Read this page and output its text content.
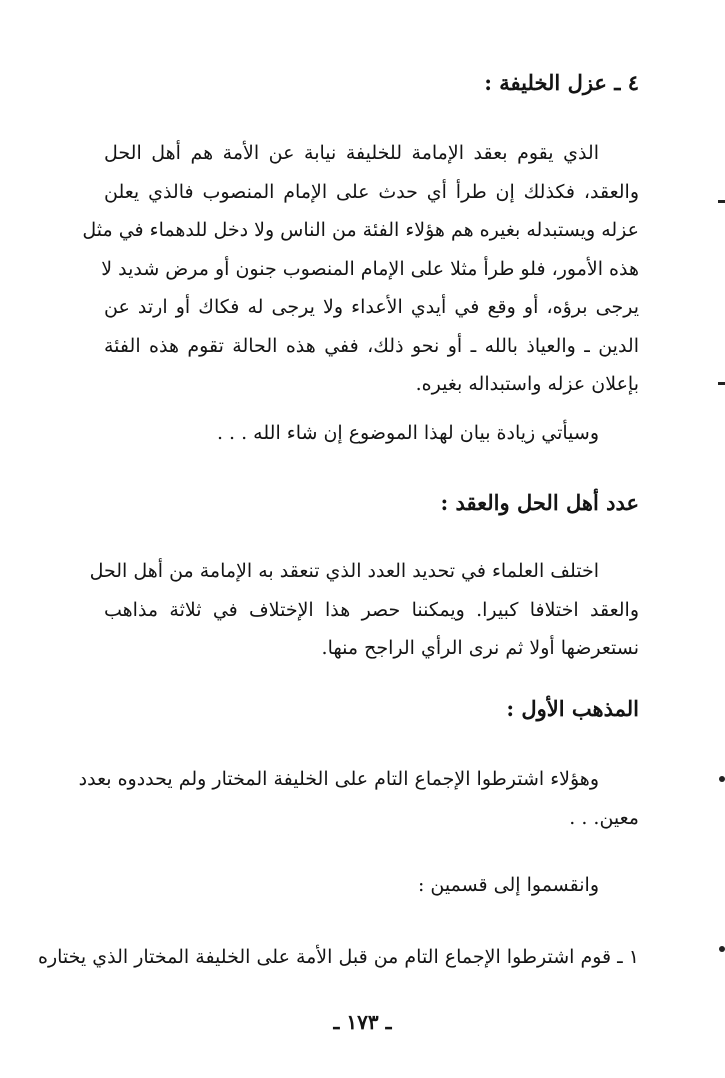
٤ ـ عزل الخليفة :
الذي يقوم بعقد الإمامة للخليفة نيابة عن الأمة هم أهل الحل
والعقد، فكذلك إن طرأ أي حدث على الإمام المنصوب فالذي يعلن
عزله ويستبدله بغيره هم هؤلاء الفئة من الناس ولا دخل للدهماء في مثل
هذه الأمور، فلو طرأ مثلا على الإمام المنصوب جنون أو مرض شديد لا
يرجى برؤه، أو وقع في أيدي الأعداء ولا يرجى له فكاك أو ارتد عن
الدين ـ والعياذ بالله ـ أو نحو ذلك، ففي هذه الحالة تقوم هذه الفئة
بإعلان عزله واستبداله بغيره.
وسيأتي زيادة بيان لهذا الموضوع إن شاء الله . . .
عدد أهل الحل والعقد :
اختلف العلماء في تحديد العدد الذي تنعقد به الإمامة من أهل الحل
والعقد اختلافا كبيرا. ويمكننا حصر هذا الإختلاف في ثلاثة مذاهب
نستعرضها أولا ثم نرى الرأي الراجح منها.
المذهب الأول :
وهؤلاء اشترطوا الإجماع التام على الخليفة المختار ولم يحددوه بعدد
معين. . .
وانقسموا إلى قسمين :
١ ـ قوم اشترطوا الإجماع التام من قبل الأمة على الخليفة المختار الذي يختاره
ـ ١٧٣ ـ
